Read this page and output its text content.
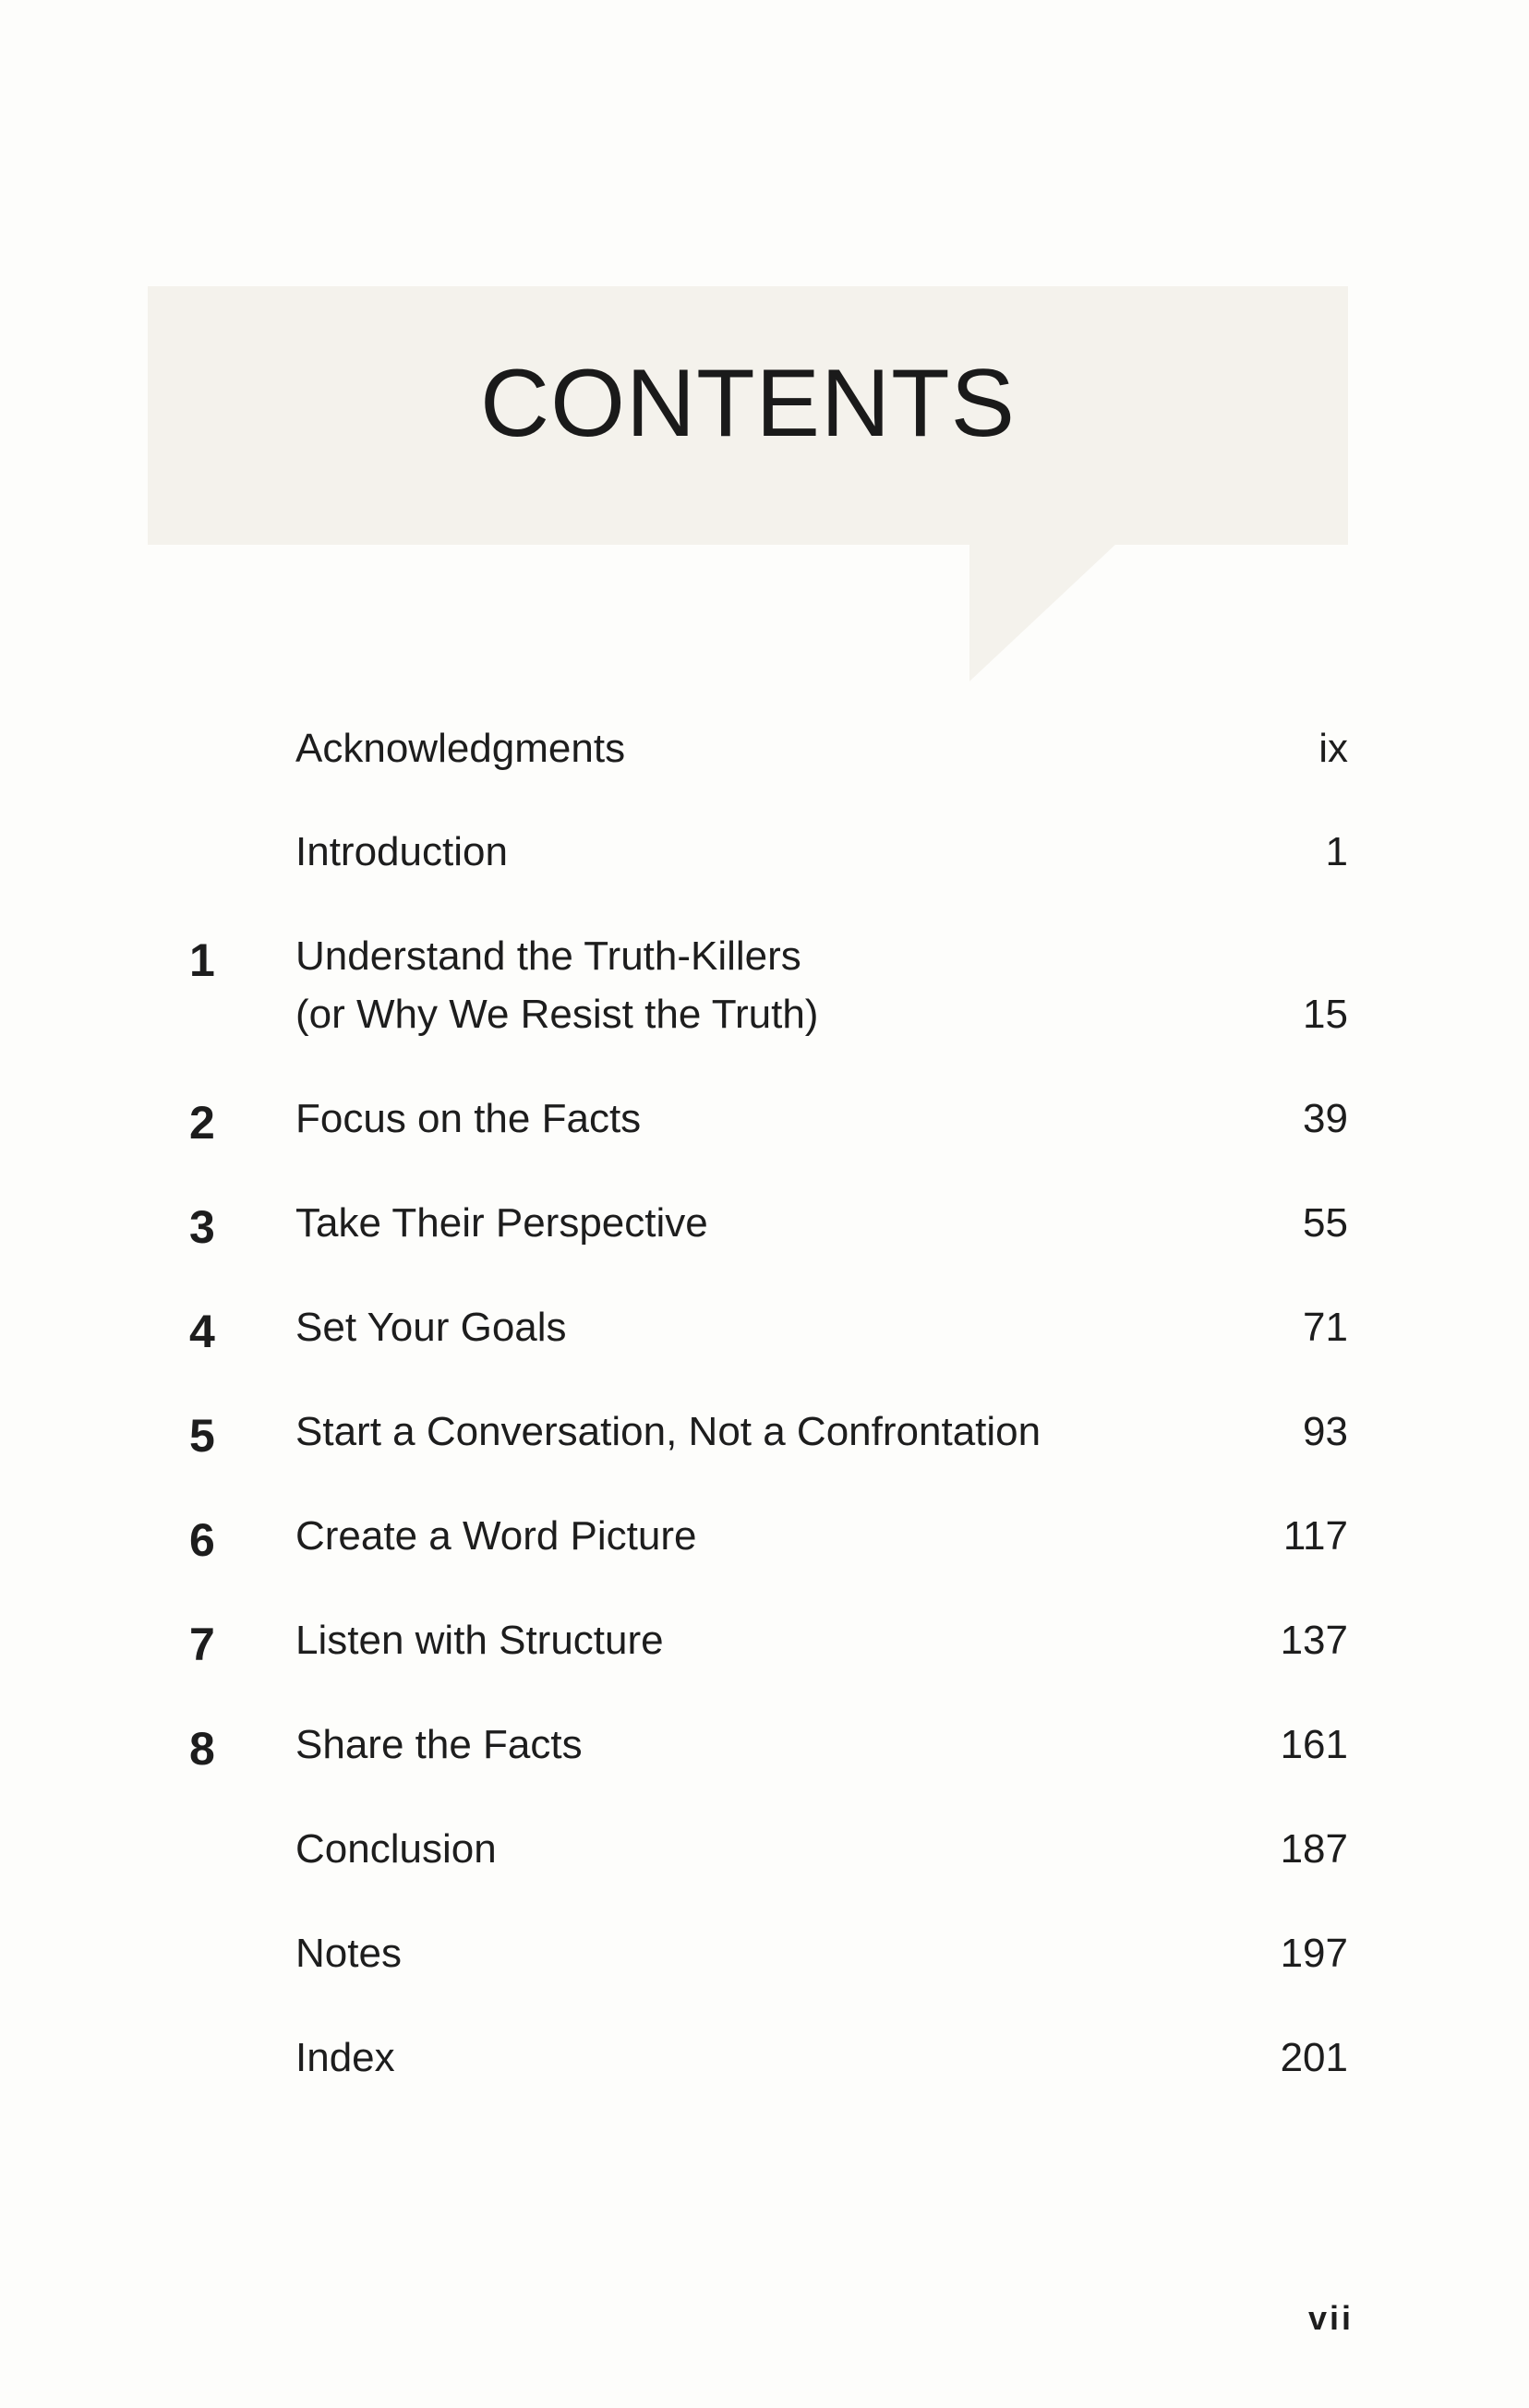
CONTENTS
Acknowledgments	ix
Introduction	1
1 Understand the Truth-Killers
(or Why We Resist the Truth)	15
2 Focus on the Facts	39
3 Take Their Perspective	55
4 Set Your Goals	71
5 Start a Conversation, Not a Confrontation	93
6 Create a Word Picture	117
7 Listen with Structure	137
8 Share the Facts	161
Conclusion	187
Notes	197
Index	201
vii
